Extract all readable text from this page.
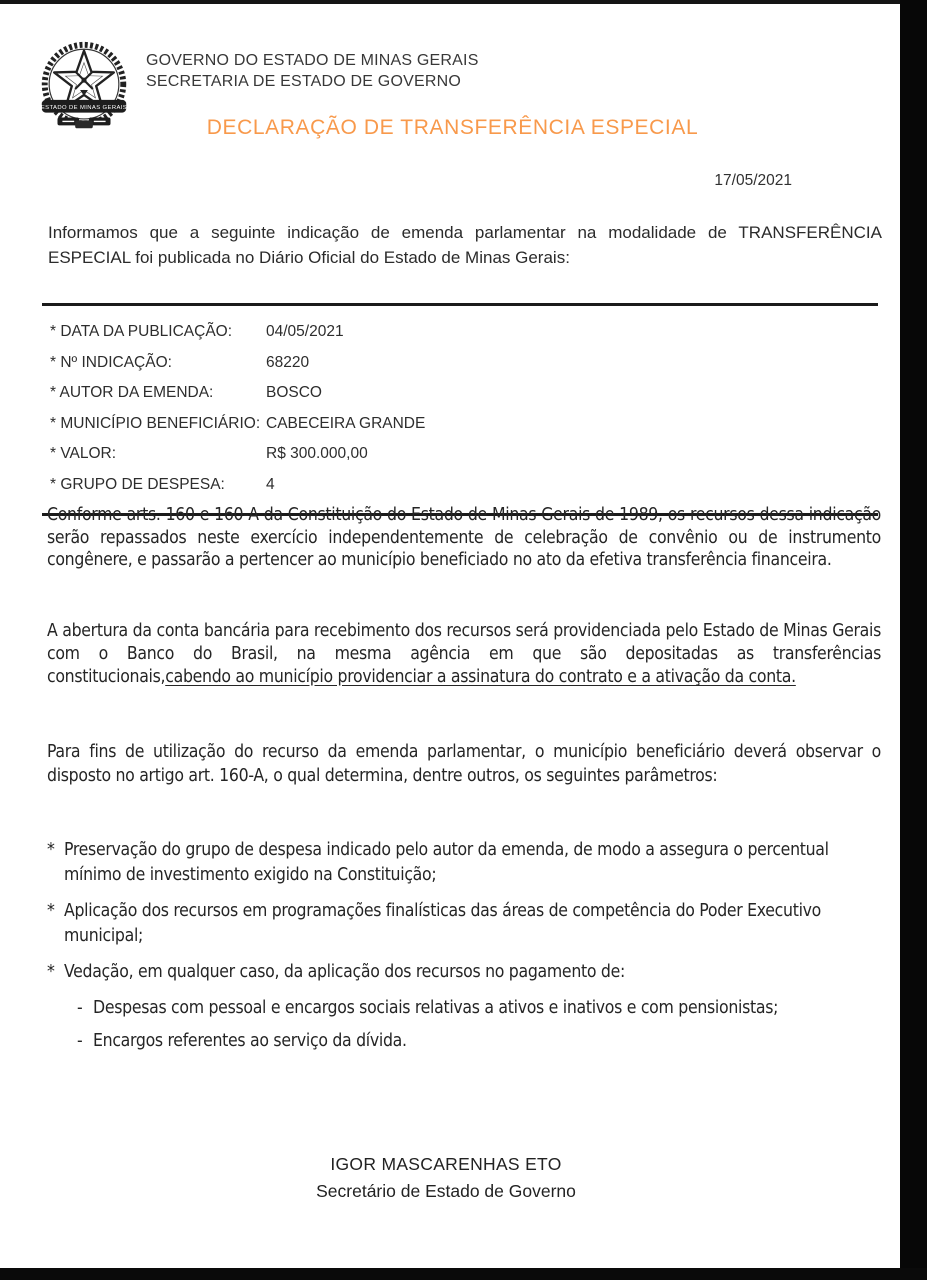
ESTADO DE MINAS GERAIS
GOVERNO DO ESTADO DE MINAS GERAIS
SECRETARIA DE ESTADO DE GOVERNO
DECLARAÇÃO DE TRANSFERÊNCIA ESPECIAL
17/05/2021
Informamos que a seguinte indicação de emenda parlamentar na modalidade de TRANSFERÊNCIA ESPECIAL foi publicada no Diário Oficial do Estado de Minas Gerais:
* DATA DA PUBLICAÇÃO:	04/05/2021
* Nº INDICAÇÃO:	68220
* AUTOR DA EMENDA:	BOSCO
* MUNICÍPIO BENEFICIÁRIO: CABECEIRA GRANDE
* VALOR:	R$ 300.000,00
* GRUPO DE DESPESA:	4
Conforme arts. 160 e 160-A da Constituição do Estado de Minas Gerais de 1989, os recursos dessa indicação serão repassados neste exercício independentemente de celebração de convênio ou de instrumento congênere, e passarão a pertencer ao município beneficiado no ato da efetiva transferência financeira.
A abertura da conta bancária para recebimento dos recursos será providenciada pelo Estado de Minas Gerais com o Banco do Brasil, na mesma agência em que são depositadas as transferências constitucionais,cabendo ao município providenciar a assinatura do contrato e a ativação da conta.
Para fins de utilização do recurso da emenda parlamentar, o município beneficiário deverá observar o disposto no artigo art. 160-A, o qual determina, dentre outros, os seguintes parâmetros:
* Preservação do grupo de despesa indicado pelo autor da emenda, de modo a assegura o percentual mínimo de investimento exigido na Constituição;
* Aplicação dos recursos em programações finalísticas das áreas de competência do Poder Executivo municipal;
* Vedação, em qualquer caso, da aplicação dos recursos no pagamento de:
- Despesas com pessoal e encargos sociais relativas a ativos e inativos e com pensionistas;
- Encargos referentes ao serviço da dívida.
IGOR MASCARENHAS ETO
Secretário de Estado de Governo
